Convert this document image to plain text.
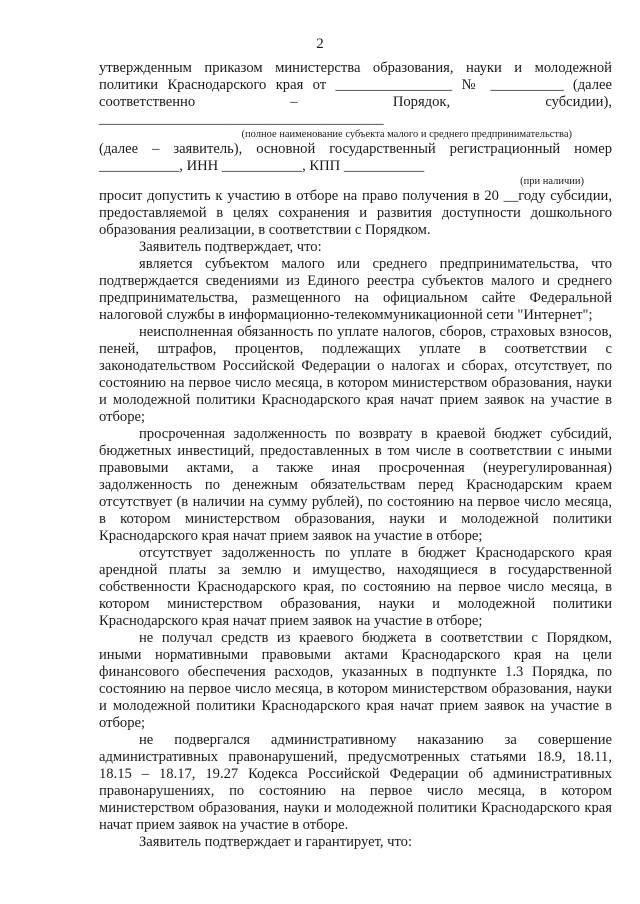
2

утвержденным приказом министерства образования, науки и молодежной политики Краснодарского края от ________________ № __________ (далее соответственно – Порядок, субсидии), _______________________________________

(полное наименование субъекта малого и среднего предпринимательства)

(далее – заявитель), основной государственный регистрационный номер ___________, ИНН ___________, КПП ___________

(при наличии)

просит допустить к участию в отборе на право получения в 20 __году субсидии, предоставляемой в целях сохранения и развития доступности дошкольного образования реализации, в соответствии с Порядком.

Заявитель подтверждает, что:

является субъектом малого или среднего предпринимательства, что подтверждается сведениями из Единого реестра субъектов малого и среднего предпринимательства, размещенного на официальном сайте Федеральной налоговой службы в информационно-телекоммуникационной сети "Интернет";

неисполненная обязанность по уплате налогов, сборов, страховых взносов, пеней, штрафов, процентов, подлежащих уплате в соответствии с законодательством Российской Федерации о налогах и сборах, отсутствует, по состоянию на первое число месяца, в котором министерством образования, науки и молодежной политики Краснодарского края начат прием заявок на участие в отборе;

просроченная задолженность по возврату в краевой бюджет субсидий, бюджетных инвестиций, предоставленных в том числе в соответствии с иными правовыми актами, а также иная просроченная (неурегулированная) задолженность по денежным обязательствам перед Краснодарским краем отсутствует (в наличии на сумму рублей), по состоянию на первое число месяца, в котором министерством образования, науки и молодежной политики Краснодарского края начат прием заявок на участие в отборе;

отсутствует задолженность по уплате в бюджет Краснодарского края арендной платы за землю и имущество, находящиеся в государственной собственности Краснодарского края, по состоянию на первое число месяца, в котором министерством образования, науки и молодежной политики Краснодарского края начат прием заявок на участие в отборе;

не получал средств из краевого бюджета в соответствии с Порядком, иными нормативными правовыми актами Краснодарского края на цели финансового обеспечения расходов, указанных в подпункте 1.3 Порядка, по состоянию на первое число месяца, в котором министерством образования, науки и молодежной политики Краснодарского края начат прием заявок на участие в отборе;

не подвергался административному наказанию за совершение административных правонарушений, предусмотренных статьями 18.9, 18.11, 18.15 – 18.17, 19.27 Кодекса Российской Федерации об административных правонарушениях, по состоянию на первое число месяца, в котором министерством образования, науки и молодежной политики Краснодарского края начат прием заявок на участие в отборе.

Заявитель подтверждает и гарантирует, что:
